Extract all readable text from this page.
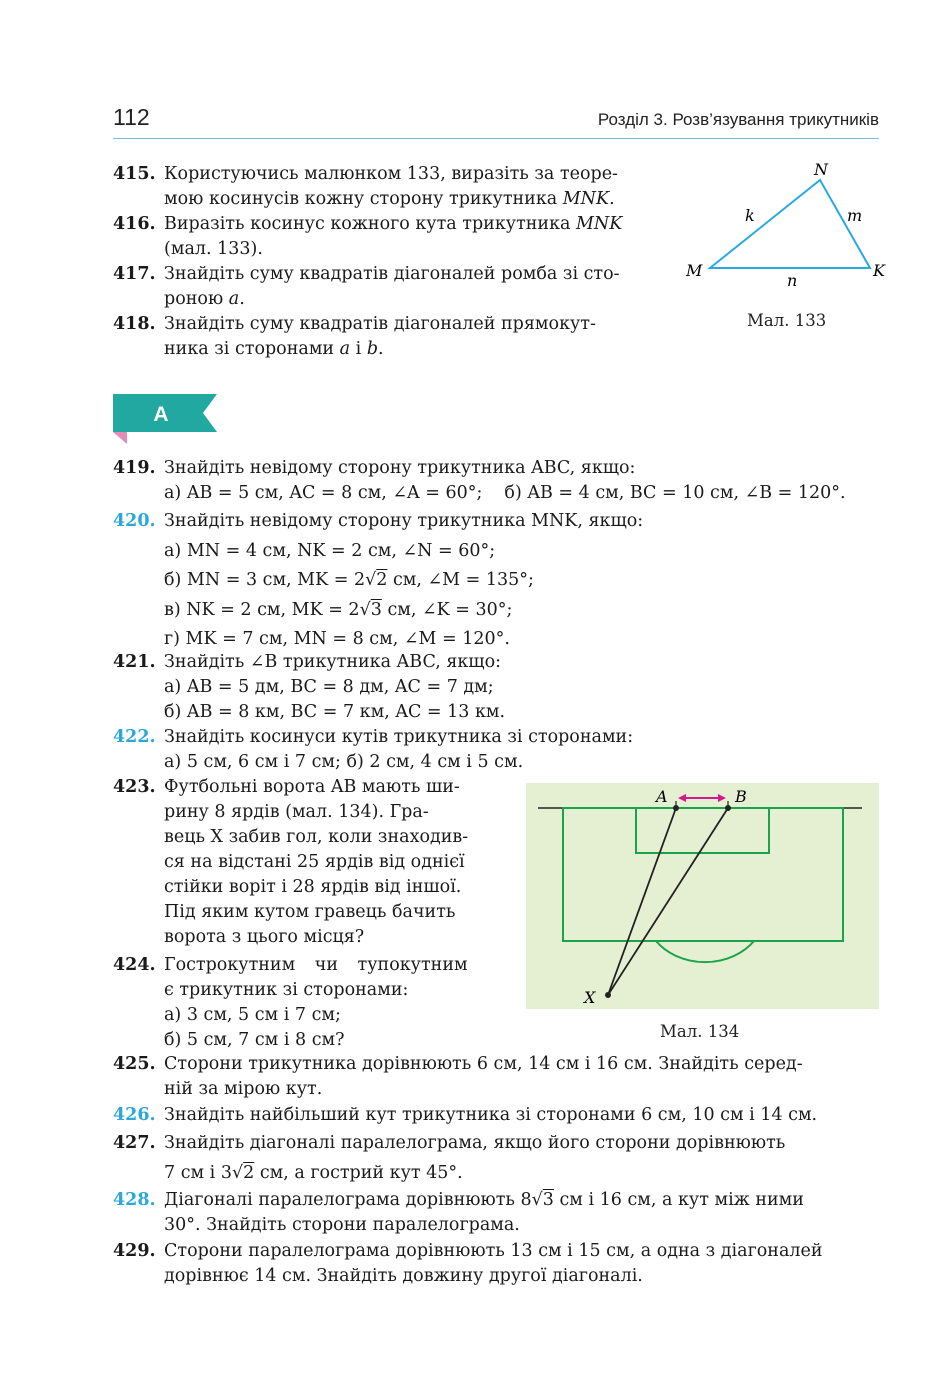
112	Розділ 3. Розв’язування трикутників
415. Користуючись малюнком 133, виразіть за теоре-
мою косинусів кожну сторону трикутника MNK.
416. Виразіть косинус кожного кута трикутника MNK
(мал. 133).
417. Знайдіть суму квадратів діагоналей ромба зі сто-
роною a.
418. Знайдіть суму квадратів діагоналей прямокут-
ника зі сторонами a і b.
N
M	K
k	m
n
Мал. 133
A
419. Знайдіть невідому сторону трикутника ABC, якщо:
а) AB = 5 см, AC = 8 см, ∠A = 60°; б) AB = 4 см, BC = 10 см, ∠B = 120°.
420. Знайдіть невідому сторону трикутника MNK, якщо:
а) MN = 4 см, NK = 2 см, ∠N = 60°;
б) MN = 3 см, MK = 2√2 см, ∠M = 135°;
в) NK = 2 см, MK = 2√3 см, ∠K = 30°;
г) MK = 7 см, MN = 8 см, ∠M = 120°.
421. Знайдіть ∠B трикутника ABC, якщо:
а) AB = 5 дм, BC = 8 дм, AC = 7 дм;
б) AB = 8 км, BC = 7 км, AC = 13 км.
422. Знайдіть косинуси кутів трикутника зі сторонами:
а) 5 см, 6 см і 7 см; б) 2 см, 4 см і 5 см.
423. Футбольні ворота AB мають ши-
рину 8 ярдів (мал. 134). Гра-
вець X забив гол, коли знаходив-
ся на відстані 25 ярдів від однієї
стійки воріт і 28 ярдів від іншої.
Під яким кутом гравець бачить
ворота з цього місця?
424. Гострокутним чи тупокутним
є трикутник зі сторонами:
а) 3 см, 5 см і 7 см;
б) 5 см, 7 см і 8 см?
A	B
X
Мал. 134
425. Сторони трикутника дорівнюють 6 см, 14 см і 16 см. Знайдіть серед-
ній за мірою кут.
426. Знайдіть найбільший кут трикутника зі сторонами 6 см, 10 см і 14 см.
427. Знайдіть діагоналі паралелограма, якщо його сторони дорівнюють
7 см і 3√2 см, а гострий кут 45°.
428. Діагоналі паралелограма дорівнюють 8√3 см і 16 см, а кут між ними
30°. Знайдіть сторони паралелограма.
429. Сторони паралелограма дорівнюють 13 см і 15 см, а одна з діагоналей
дорівнює 14 см. Знайдіть довжину другої діагоналі.
